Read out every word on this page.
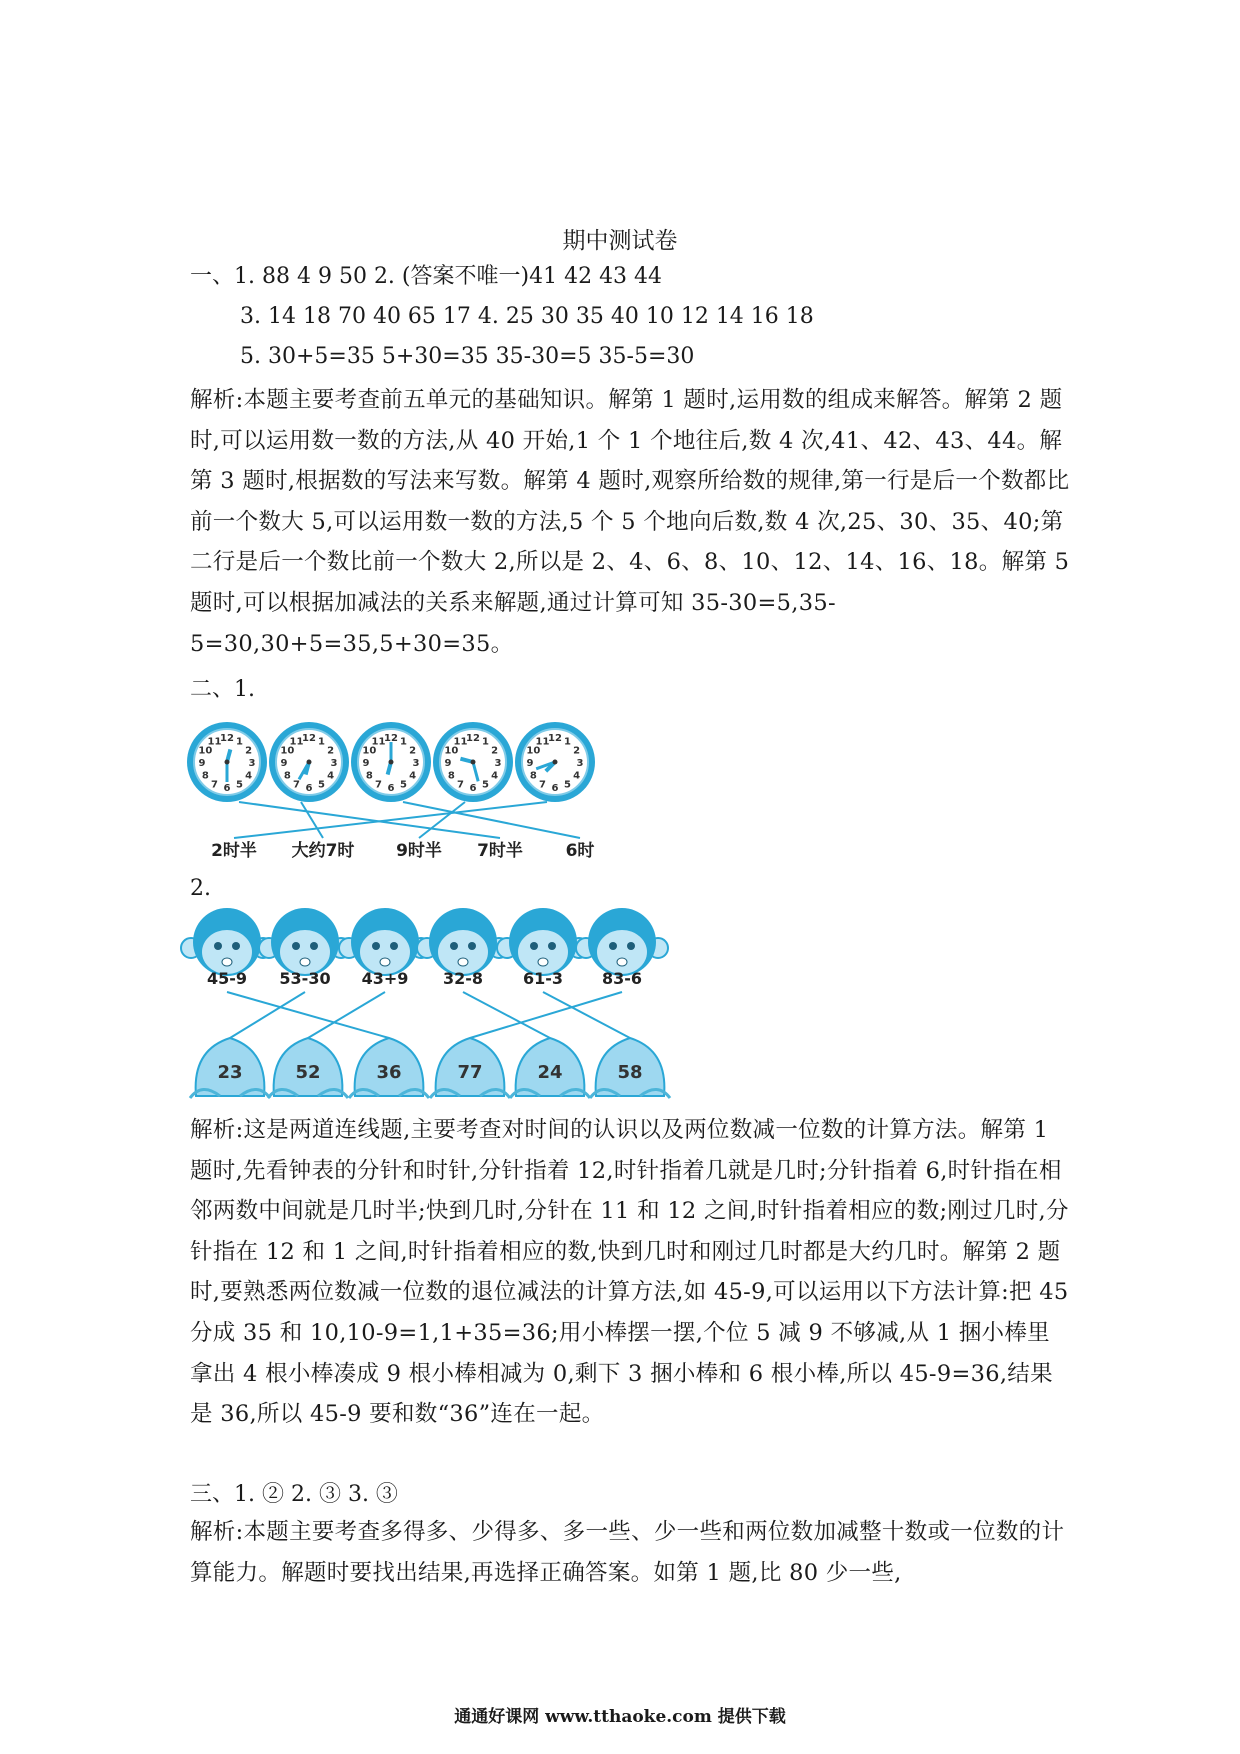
期中测试卷
一、1. 88 4 9 50 2. (答案不唯一)41 42 43 44
3. 14 18 70 40 65 17 4. 25 30 35 40 10 12 14 16 18
5. 30+5=35 5+30=35 35-30=5 35-5=30
解析:本题主要考查前五单元的基础知识。解第 1 题时,运用数的组成来解答。解第 2 题时,可以运用数一数的方法,从 40 开始,1 个 1 个地往后,数 4 次,41、42、43、44。解第 3 题时,根据数的写法来写数。解第 4 题时,观察所给数的规律,第一行是后一个数都比前一个数大 5,可以运用数一数的方法,5 个 5 个地向后数,数 4 次,25、30、35、40;第二行是后一个数比前一个数大 2,所以是 2、4、6、8、10、12、14、16、18。解第 5 题时,可以根据加减法的关系来解题,通过计算可知 35-30=5,35-5=30,30+5=35,5+30=35。
二、1.
12 1
2
3
4
5
6
7
8
9
10
11	12 1
2
3
4
5
6
7
8
9
10
11	12 1
2
3
4
5
6
7
8
9
10
11	12 1
2
3
4
5
6
7
8
9
10
11	12 1
2
3
4
5
6
7
8
9
10
11
2时半 大约7时 9时半 7时半	6时
45-9 53-30 43+9 32-8 61-3 83-6
23	52	36	77	24	58
2.
解析:这是两道连线题,主要考查对时间的认识以及两位数减一位数的计算方法。解第 1 题时,先看钟表的分针和时针,分针指着 12,时针指着几就是几时;分针指着 6,时针指在相邻两数中间就是几时半;快到几时,分针在 11 和 12 之间,时针指着相应的数;刚过几时,分针指在 12 和 1 之间,时针指着相应的数,快到几时和刚过几时都是大约几时。解第 2 题时,要熟悉两位数减一位数的退位减法的计算方法,如 45-9,可以运用以下方法计算:把 45 分成 35 和 10,10-9=1,1+35=36;用小棒摆一摆,个位 5 减 9 不够减,从 1 捆小棒里拿出 4 根小棒凑成 9 根小棒相减为 0,剩下 3 捆小棒和 6 根小棒,所以 45-9=36,结果是 36,所以 45-9 要和数“36”连在一起。
三、1. ② 2. ③ 3. ③
解析:本题主要考查多得多、少得多、多一些、少一些和两位数加减整十数或一位数的计算能力。解题时要找出结果,再选择正确答案。如第 1 题,比 80 少一些,
通通好课网 www.tthaoke.com 提供下载
